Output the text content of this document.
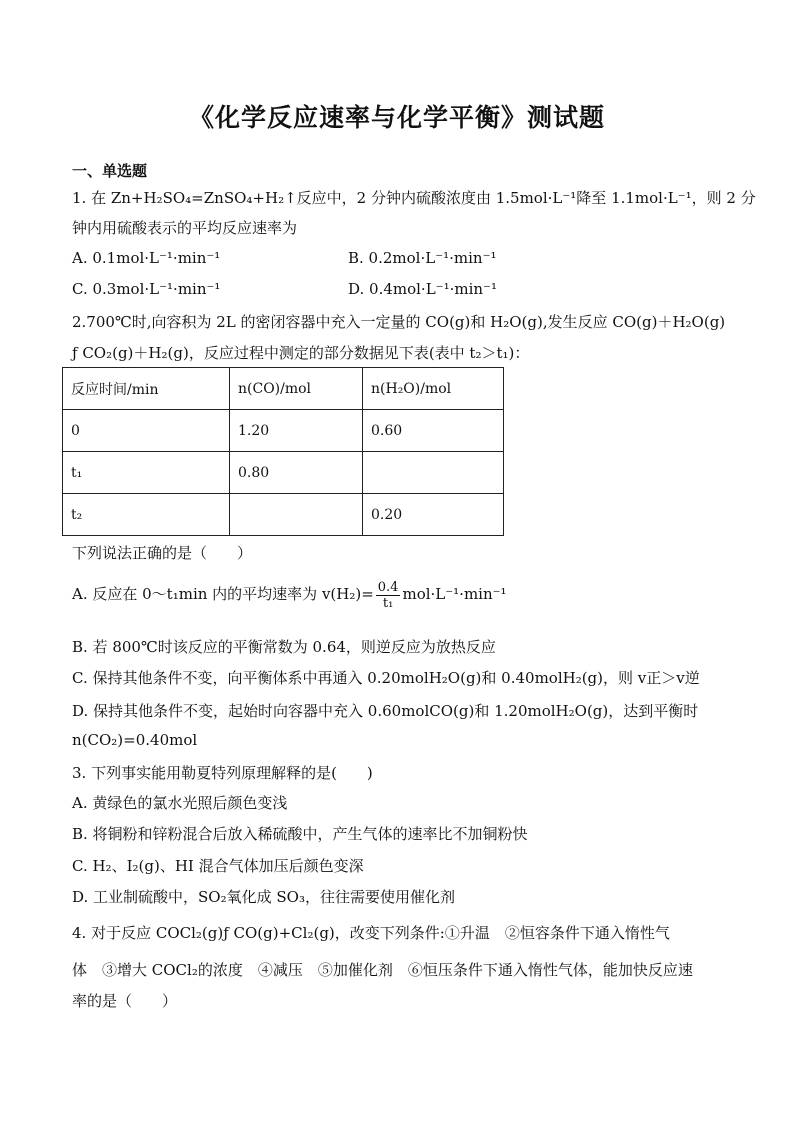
《化学反应速率与化学平衡》测试题
一、单选题
1. 在 Zn+H₂SO₄=ZnSO₄+H₂↑反应中，2 分钟内硫酸浓度由 1.5mol·L⁻¹降至 1.1mol·L⁻¹，则 2 分
钟内用硫酸表示的平均反应速率为
A. 0.1mol·L⁻¹·min⁻¹	B. 0.2mol·L⁻¹·min⁻¹
C. 0.3mol·L⁻¹·min⁻¹	D. 0.4mol·L⁻¹·min⁻¹
2.700℃时,向容积为 2L 的密闭容器中充入一定量的 CO(g)和 H₂O(g),发生反应 CO(g)＋H₂O(g)
ƒ CO₂(g)＋H₂(g)，反应过程中测定的部分数据见下表(表中 t₂＞t₁)：
反应时间/min	n(CO)/mol	n(H₂O)/mol
0	1.20	0.60
t₁	0.80	
t₂		0.20
下列说法正确的是（　　）
A. 反应在 0～t₁min 内的平均速率为 $v(H_2)= \frac{0.4}{\text{t₁}} mol\cdot L^{-1}\cdot\min^{-1}$
B. 若 800℃时该反应的平衡常数为 0.64，则逆反应为放热反应
C. 保持其他条件不变，向平衡体系中再通入 0.20molH₂O(g)和 0.40molH₂(g)，则 v正＞v逆
D. 保持其他条件不变，起始时向容器中充入 0.60molCO(g)和 1.20molH₂O(g)，达到平衡时
n(CO₂)=0.40mol
3. 下列事实能用勒夏特列原理解释的是(　　)
A. 黄绿色的氯水光照后颜色变浅
B. 将铜粉和锌粉混合后放入稀硫酸中，产生气体的速率比不加铜粉快
C. H₂、I₂(g)、HI 混合气体加压后颜色变深
D. 工业制硫酸中，SO₂氧化成 SO₃，往往需要使用催化剂
4. 对于反应 COCl₂(g)ƒ CO(g)+Cl₂(g)，改变下列条件:①升温　②恒容条件下通入惰性气
体　③增大 COCl₂的浓度　④减压　⑤加催化剂　⑥恒压条件下通入惰性气体，能加快反应速
率的是（　　）
